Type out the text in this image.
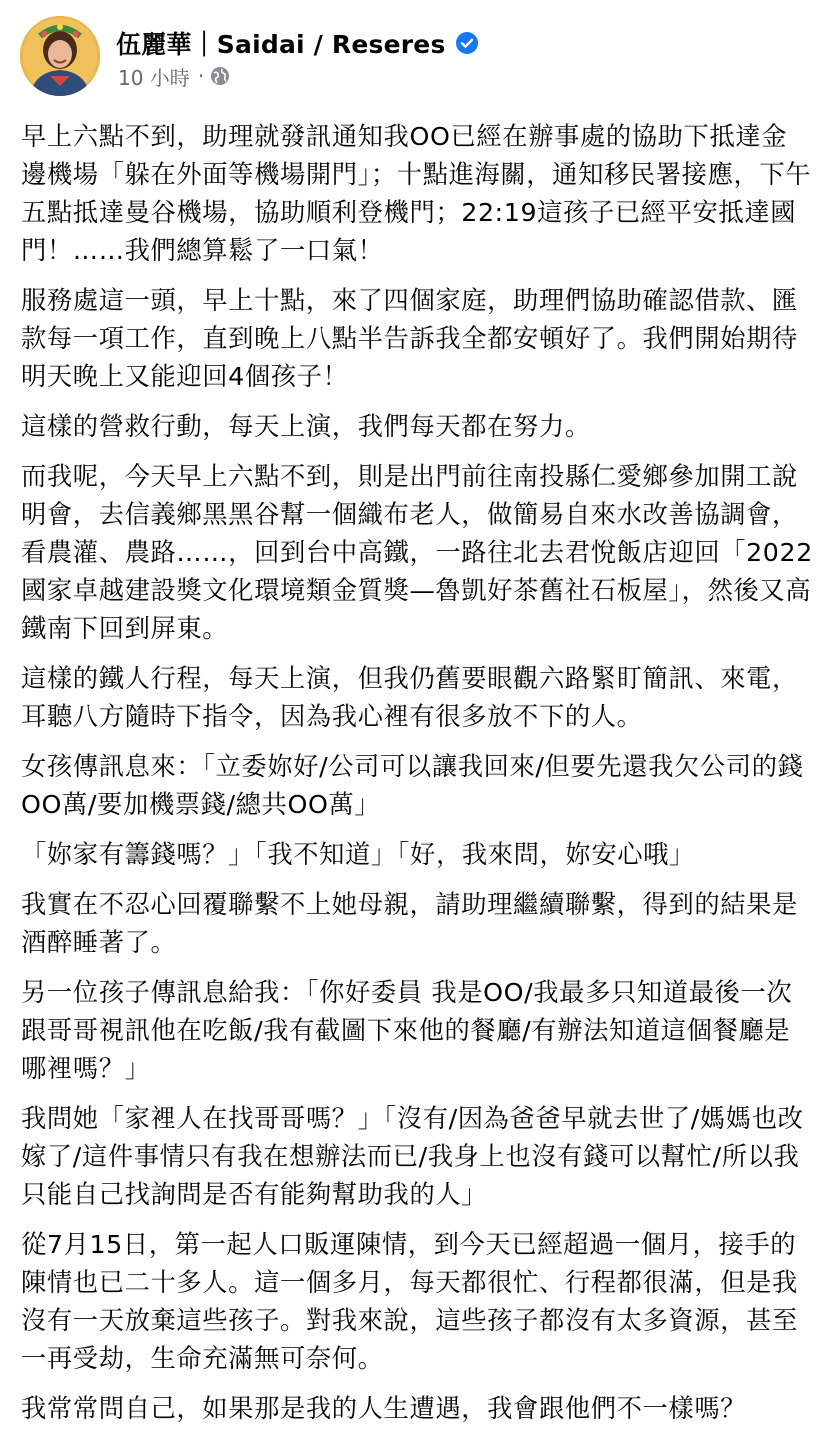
伍麗華｜Saidai / Reseres
10 小時 ·

早上六點不到，助理就發訊通知我OO已經在辦事處的協助下抵達金邊機場「躲在外面等機場開門」；十點進海關，通知移民署接應，下午五點抵達曼谷機場，協助順利登機門；22:19這孩子已經平安抵達國門！……我們總算鬆了一口氣！

服務處這一頭，早上十點，來了四個家庭，助理們協助確認借款、匯款每一項工作，直到晚上八點半告訴我全都安頓好了。我們開始期待明天晚上又能迎回4個孩子！

這樣的營救行動，每天上演，我們每天都在努力。

而我呢，今天早上六點不到，則是出門前往南投縣仁愛鄉參加開工說明會，去信義鄉黑黑谷幫一個織布老人，做簡易自來水改善協調會，看農灌、農路……，回到台中高鐵，一路往北去君悅飯店迎回「2022國家卓越建設獎文化環境類金質獎—魯凱好茶舊社石板屋」，然後又高鐵南下回到屏東。

這樣的鐵人行程，每天上演，但我仍舊要眼觀六路緊盯簡訊、來電，耳聽八方隨時下指令，因為我心裡有很多放不下的人。

女孩傳訊息來：「立委妳好/公司可以讓我回來/但要先還我欠公司的錢OO萬/要加機票錢/總共OO萬」

「妳家有籌錢嗎？」「我不知道」「好，我來問，妳安心哦」

我實在不忍心回覆聯繫不上她母親，請助理繼續聯繫，得到的結果是酒醉睡著了。

另一位孩子傳訊息給我：「你好委員 我是OO/我最多只知道最後一次跟哥哥視訊他在吃飯/我有截圖下來他的餐廳/有辦法知道這個餐廳是哪裡嗎？」

我問她「家裡人在找哥哥嗎？」「沒有/因為爸爸早就去世了/媽媽也改嫁了/這件事情只有我在想辦法而已/我身上也沒有錢可以幫忙/所以我只能自己找詢問是否有能夠幫助我的人」

從7月15日，第一起人口販運陳情，到今天已經超過一個月，接手的陳情也已二十多人。這一個多月，每天都很忙、行程都很滿，但是我沒有一天放棄這些孩子。對我來說，這些孩子都沒有太多資源，甚至一再受劫，生命充滿無可奈何。

我常常問自己，如果那是我的人生遭遇，我會跟他們不一樣嗎？
